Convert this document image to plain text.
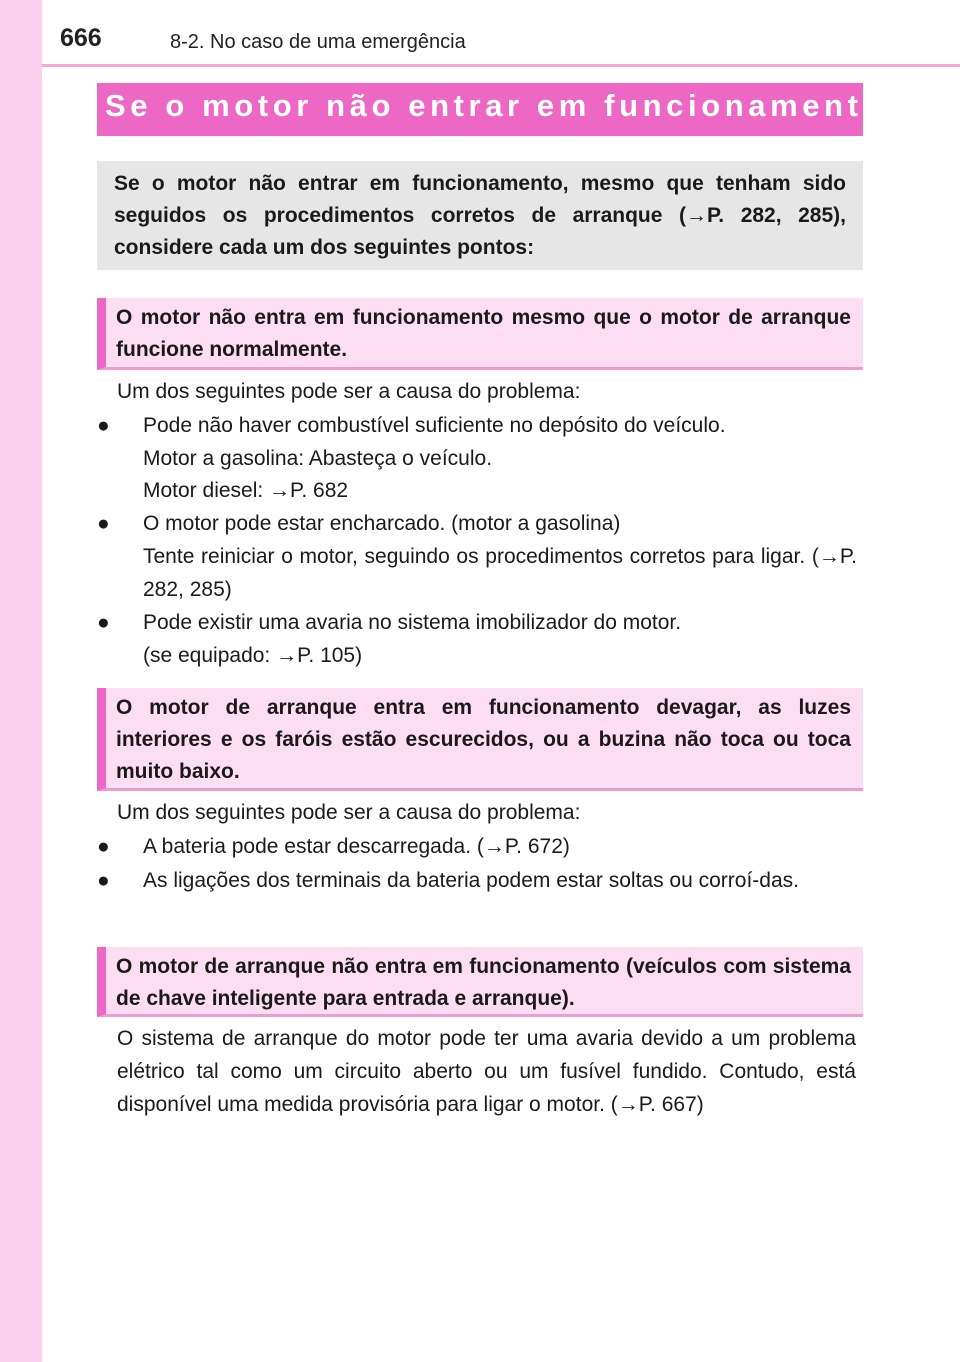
666	8-2. No caso de uma emergência
Se o motor não entrar em funcionamento

Se o motor não entrar em funcionamento, mesmo que tenham sido seguidos os procedimentos corretos de arranque (→P. 282, 285), considere cada um dos seguintes pontos:

O motor não entra em funcionamento mesmo que o motor de arranque funcione normalmente.

Um dos seguintes pode ser a causa do problema:

● Pode não haver combustível suficiente no depósito do veículo.
Motor a gasolina: Abasteça o veículo.
Motor diesel: →P. 682
● O motor pode estar encharcado. (motor a gasolina)
Tente reiniciar o motor, seguindo os procedimentos corretos para ligar. (→P. 282, 285)
● Pode existir uma avaria no sistema imobilizador do motor.
(se equipado: →P. 105)

O motor de arranque entra em funcionamento devagar, as luzes interiores e os faróis estão escurecidos, ou a buzina não toca ou toca muito baixo.

Um dos seguintes pode ser a causa do problema:

● A bateria pode estar descarregada. (→P. 672)
● As ligações dos terminais da bateria podem estar soltas ou corroí-das.

O motor de arranque não entra em funcionamento (veículos com sistema de chave inteligente para entrada e arranque).

O sistema de arranque do motor pode ter uma avaria devido a um problema elétrico tal como um circuito aberto ou um fusível fundido. Contudo, está disponível uma medida provisória para ligar o motor. (→P. 667)
